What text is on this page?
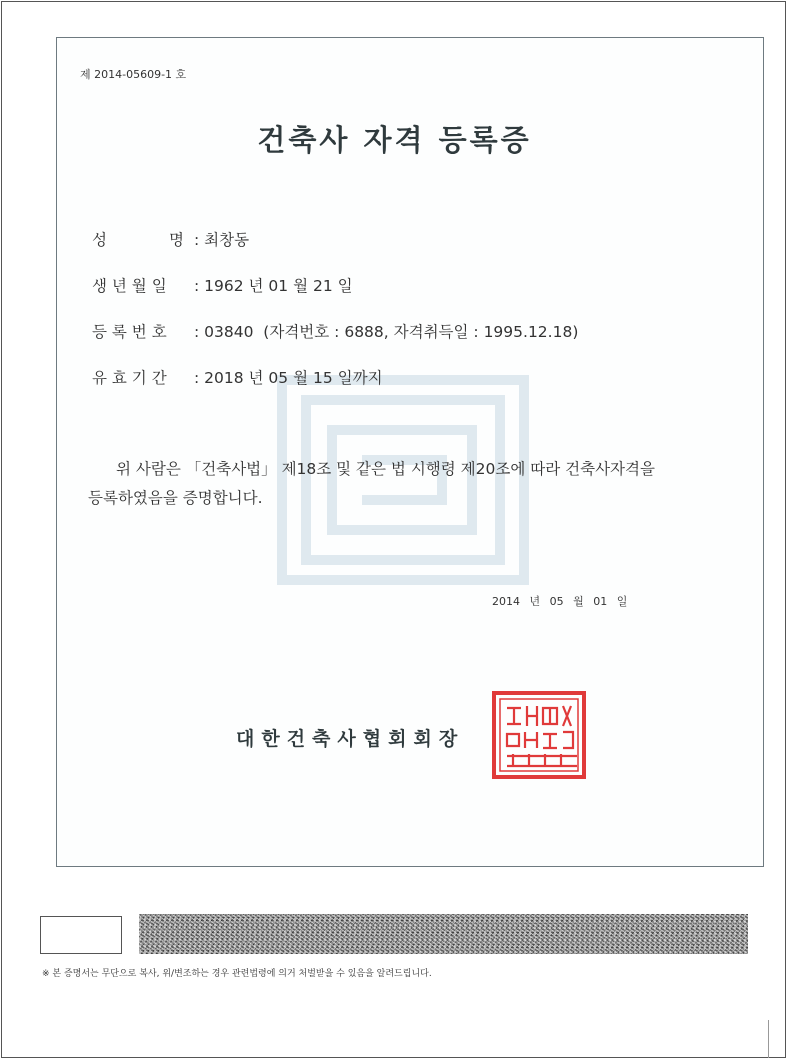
제 2014-05609-1 호
건축사 자격 등록증
성	명 : 최창동
생 년 월 일 : 1962 년 01 월 21 일
등 록 번 호 : 03840  (자격번호 : 6888, 자격취득일 : 1995.12.18)
유 효 기 간 : 2018 년 05 월 15 일까지
위 사람은 「건축사법」 제18조 및 같은 법 시행령 제20조에 따라 건축사자격을
등록하였음을 증명합니다.
2014 년 05 월 01 일
대한건축사협회회장
※ 본 증명서는 무단으로 복사, 위/변조하는 경우 관련법령에 의거 처벌받을 수 있음을 알려드립니다.
